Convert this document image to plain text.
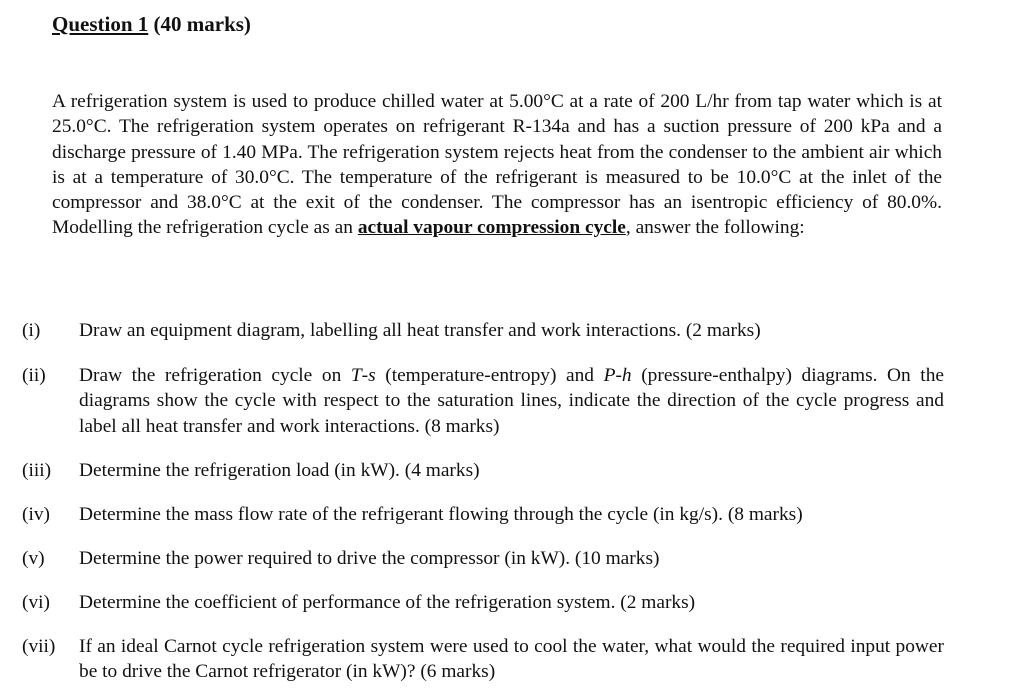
Question 1 (40 marks)
A refrigeration system is used to produce chilled water at 5.00°C at a rate of 200 L/hr from tap water which is at 25.0°C. The refrigeration system operates on refrigerant R-134a and has a suction pressure of 200 kPa and a discharge pressure of 1.40 MPa. The refrigeration system rejects heat from the condenser to the ambient air which is at a temperature of 30.0°C. The temperature of the refrigerant is measured to be 10.0°C at the inlet of the compressor and 38.0°C at the exit of the condenser. The compressor has an isentropic efficiency of 80.0%. Modelling the refrigeration cycle as an actual vapour compression cycle, answer the following:
(i) Draw an equipment diagram, labelling all heat transfer and work interactions. (2 marks)
(ii) Draw the refrigeration cycle on T-s (temperature-entropy) and P-h (pressure-enthalpy) diagrams. On the diagrams show the cycle with respect to the saturation lines, indicate the direction of the cycle progress and label all heat transfer and work interactions. (8 marks)
(iii) Determine the refrigeration load (in kW). (4 marks)
(iv) Determine the mass flow rate of the refrigerant flowing through the cycle (in kg/s). (8 marks)
(v) Determine the power required to drive the compressor (in kW). (10 marks)
(vi) Determine the coefficient of performance of the refrigeration system. (2 marks)
(vii) If an ideal Carnot cycle refrigeration system were used to cool the water, what would the required input power be to drive the Carnot refrigerator (in kW)? (6 marks)
